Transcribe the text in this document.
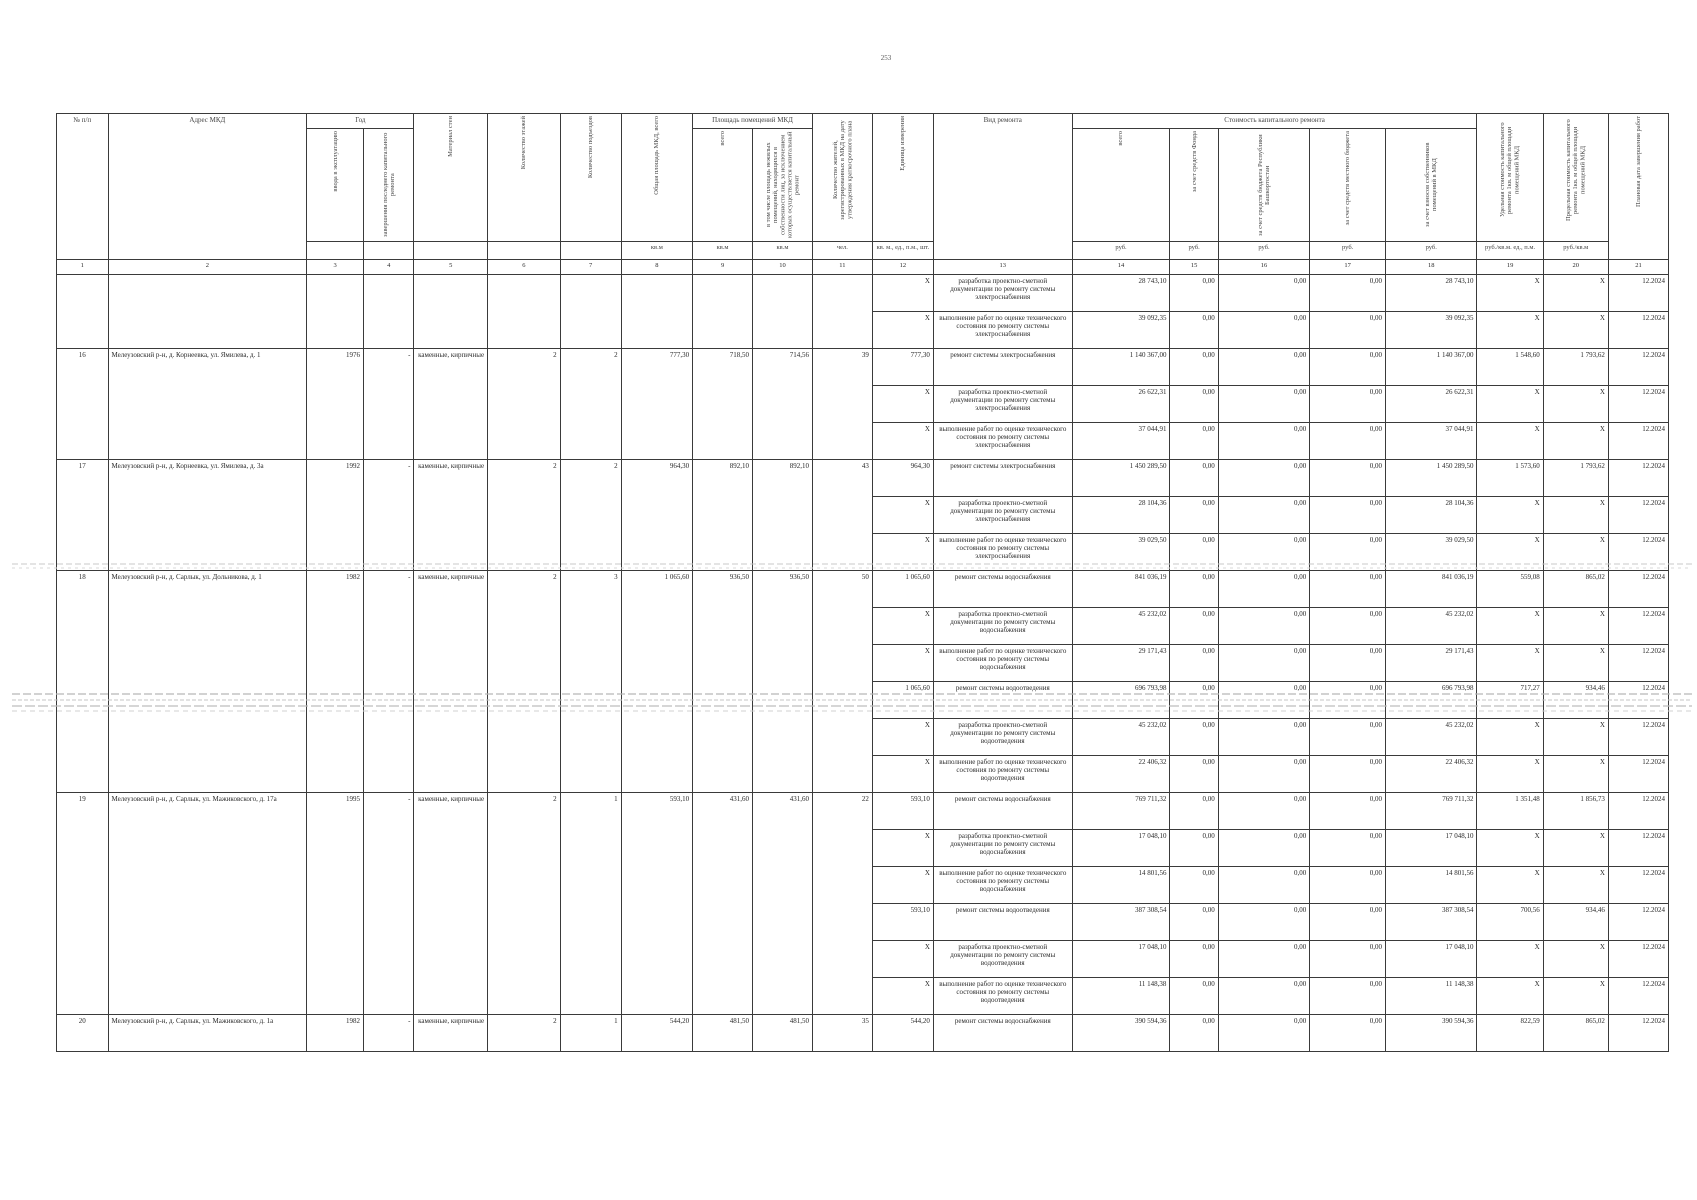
253
№ п/п	Адрес МКД	Год		Материал стен	Количество этажей	Количество подъездов	Общая площадь МКД, всего	Площадь помещений МКД		Количество жителей, зарегистрированных в МКД на дату утверждения краткосрочного плана	Единица измерения	Вид ремонта	Стоимость капитального ремонта					Удельная стоимость капитального ремонта 1кв. м общей площади помещений МКД	Предельная стоимость капитального ремонта 1кв. м общей площади помещений МКД	Плановая дата завершения работ

		ввода в эксплуатацию	завершения последнего капитального ремонта					всего	в том числе площадь нежилых помещений, находящихся в собственности лиц, за исключением которых осуществляется капитальный ремонт				всего	за счет средств Фонда	за счет средств бюджета Республики Башкортостан	за счет средств местного бюджета	за счет взносов собственников помещений в МКД			

							кв.м	кв.м	кв.м	чел.	кв. м., ед., п.м., шт.		руб.	руб.	руб.	руб.	руб.	руб./кв.м. ед., п.м.	руб./кв.м	
1	2	3	4	5	6	7	8	9	10	11	12	13	14	15	16	17	18	19	20	21
											X	разработка проектно-сметной документации по ремонту системы электроснабжения	28 743,10	0,00	0,00	0,00	28 743,10	X	X	12.2024
											X	выполнение работ по оценке технического состояния по ремонту системы электроснабжения	39 092,35	0,00	0,00	0,00	39 092,35	X	X	12.2024
16	Мелеузовский р-н, д. Корнеевка, ул. Ямилева, д. 1	1976	-	каменные, кирпичные	2	2	777,30	718,50	714,56	39	777,30	ремонт системы электроснабжения	1 140 367,00	0,00	0,00	0,00	1 140 367,00	1 548,60	1 793,62	12.2024
											X	разработка проектно-сметной документации по ремонту системы электроснабжения	26 622,31	0,00	0,00	0,00	26 622,31	X	X	12.2024
											X	выполнение работ по оценке технического состояния по ремонту системы электроснабжения	37 044,91	0,00	0,00	0,00	37 044,91	X	X	12.2024
17	Мелеузовский р-н, д. Корнеевка, ул. Ямилева, д. 3а	1992	-	каменные, кирпичные	2	2	964,30	892,10	892,10	43	964,30	ремонт системы электроснабжения	1 450 289,50	0,00	0,00	0,00	1 450 289,50	1 573,60	1 793,62	12.2024
											X	разработка проектно-сметной документации по ремонту системы электроснабжения	28 104,36	0,00	0,00	0,00	28 104,36	X	X	12.2024
											X	выполнение работ по оценке технического состояния по ремонту системы электроснабжения	39 029,50	0,00	0,00	0,00	39 029,50	X	X	12.2024
18	Мелеузовский р-н, д. Сарлык, ул. Дольникова, д. 1	1982	-	каменные, кирпичные	2	3	1 065,60	936,50	936,50	50	1 065,60	ремонт системы водоснабжения	841 036,19	0,00	0,00	0,00	841 036,19	559,08	865,02	12.2024
											X	разработка проектно-сметной документации по ремонту системы водоснабжения	45 232,02	0,00	0,00	0,00	45 232,02	X	X	12.2024
											X	выполнение работ по оценке технического состояния по ремонту системы водоснабжения	29 171,43	0,00	0,00	0,00	29 171,43	X	X	12.2024
											1 065,60	ремонт системы водоотведения	696 793,98	0,00	0,00	0,00	696 793,98	717,27	934,46	12.2024
											X	разработка проектно-сметной документации по ремонту системы водоотведения	45 232,02	0,00	0,00	0,00	45 232,02	X	X	12.2024
											X	выполнение работ по оценке технического состояния по ремонту системы водоотведения	22 406,32	0,00	0,00	0,00	22 406,32	X	X	12.2024
19	Мелеузовский р-н, д. Сарлык, ул. Мажиковского, д. 17а	1995	-	каменные, кирпичные	2	1	593,10	431,60	431,60	22	593,10	ремонт системы водоснабжения	769 711,32	0,00	0,00	0,00	769 711,32	1 351,48	1 856,73	12.2024
											X	разработка проектно-сметной документации по ремонту системы водоснабжения	17 048,10	0,00	0,00	0,00	17 048,10	X	X	12.2024
											X	выполнение работ по оценке технического состояния по ремонту системы водоснабжения	14 801,56	0,00	0,00	0,00	14 801,56	X	X	12.2024
											593,10	ремонт системы водоотведения	387 308,54	0,00	0,00	0,00	387 308,54	700,56	934,46	12.2024
											X	разработка проектно-сметной документации по ремонту системы водоотведения	17 048,10	0,00	0,00	0,00	17 048,10	X	X	12.2024
											X	выполнение работ по оценке технического состояния по ремонту системы водоотведения	11 148,38	0,00	0,00	0,00	11 148,38	X	X	12.2024
20	Мелеузовский р-н, д. Сарлык, ул. Мажиковского, д. 1а	1982	-	каменные, кирпичные	2	1	544,20	481,50	481,50	35	544,20	ремонт системы водоснабжения	390 594,36	0,00	0,00	0,00	390 594,36	822,59	865,02	12.2024
